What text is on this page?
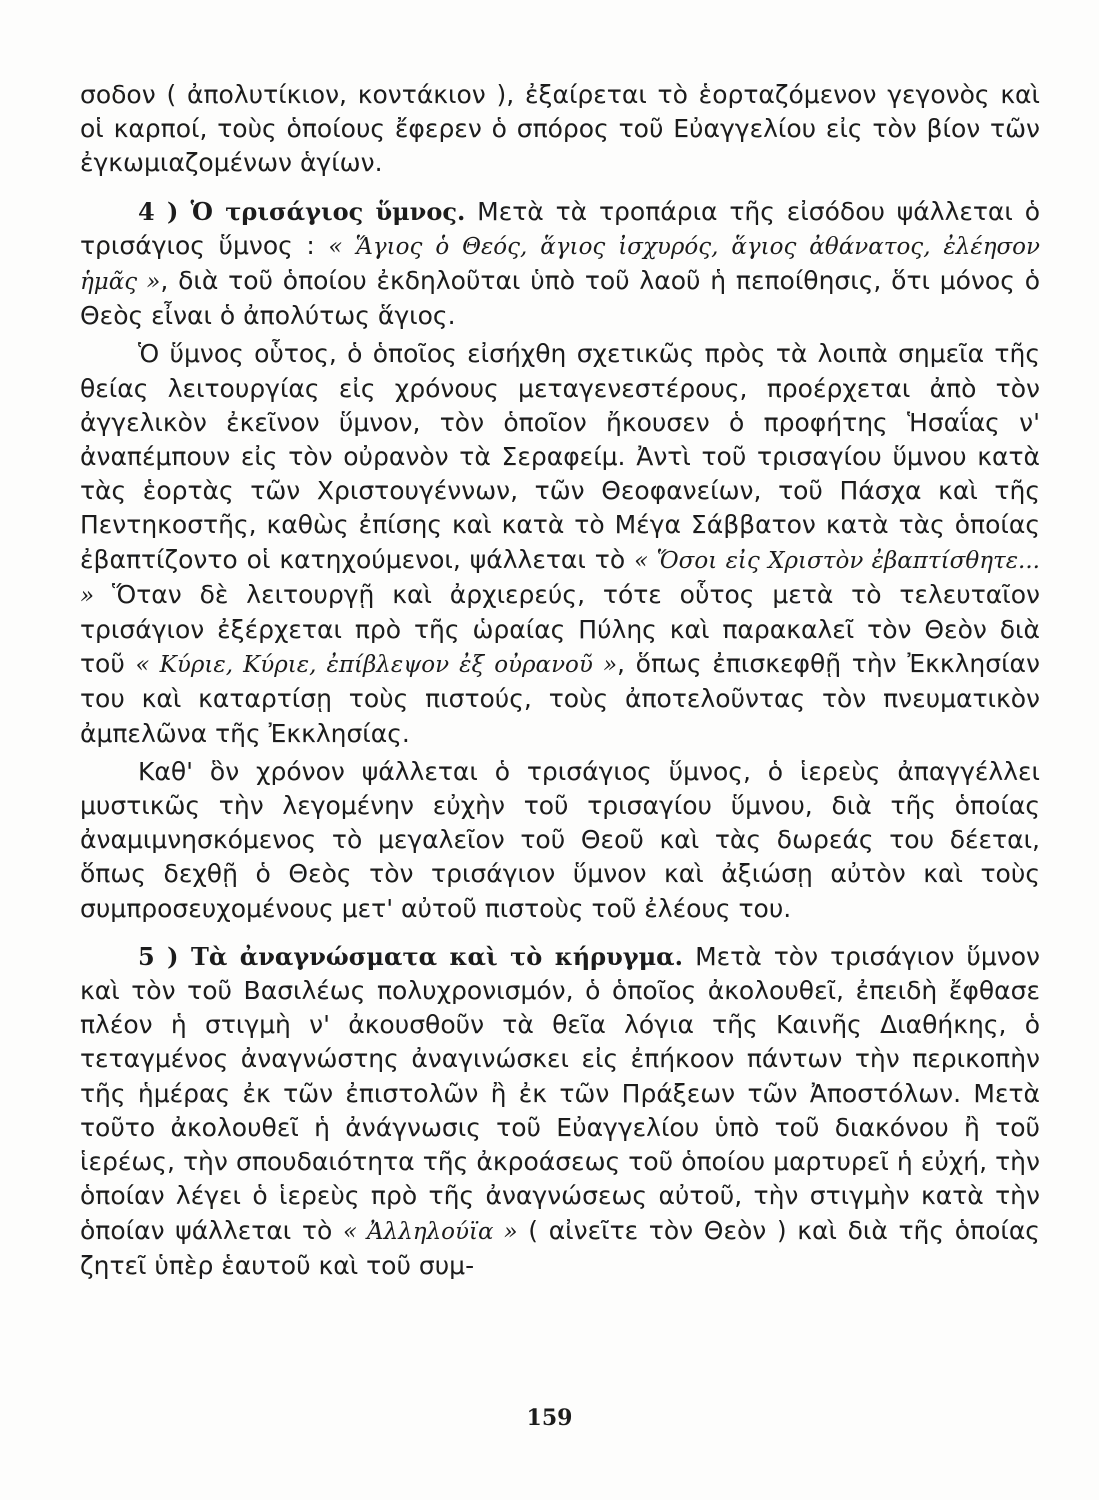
σοδον ( ἀπολυτίκιον, κοντάκιον ), ἐξαίρεται τὸ ἑορταζόμενον γεγονὸς καὶ οἱ καρποί, τοὺς ὁποίους ἔφερεν ὁ σπόρος τοῦ Εὐαγγελίου εἰς τὸν βίον τῶν ἐγκωμιαζομένων ἁγίων.

4 ) Ὁ τρισάγιος ὕμνος. Μετὰ τὰ τροπάρια τῆς εἰσόδου ψάλλεται ὁ τρισάγιος ὕμνος : « Ἅγιος ὁ Θεός, ἅγιος ἰσχυρός, ἅγιος ἀθάνατος, ἐλέησον ἡμᾶς », διὰ τοῦ ὁποίου ἐκδηλοῦται ὑπὸ τοῦ λαοῦ ἡ πεποίθησις, ὅτι μόνος ὁ Θεὸς εἶναι ὁ ἀπολύτως ἅγιος.

Ὁ ὕμνος οὗτος, ὁ ὁποῖος εἰσήχθη σχετικῶς πρὸς τὰ λοιπὰ σημεῖα τῆς θείας λειτουργίας εἰς χρόνους μεταγενεστέρους, προέρχεται ἀπὸ τὸν ἀγγελικὸν ἐκεῖνον ὕμνον, τὸν ὁποῖον ἤκουσεν ὁ προφήτης Ἡσαΐας ν' ἀναπέμπουν εἰς τὸν οὐρανὸν τὰ Σεραφείμ. Ἀντὶ τοῦ τρισαγίου ὕμνου κατὰ τὰς ἑορτὰς τῶν Χριστουγέννων, τῶν Θεοφανείων, τοῦ Πάσχα καὶ τῆς Πεντηκοστῆς, καθὼς ἐπίσης καὶ κατὰ τὸ Μέγα Σάββατον κατὰ τὰς ὁποίας ἐβαπτίζοντο οἱ κατηχούμενοι, ψάλλεται τὸ « Ὅσοι εἰς Χριστὸν ἐβαπτίσθητε... » Ὅταν δὲ λειτουργῇ καὶ ἀρχιερεύς, τότε οὗτος μετὰ τὸ τελευταῖον τρισάγιον ἐξέρχεται πρὸ τῆς ὡραίας Πύλης καὶ παρακαλεῖ τὸν Θεὸν διὰ τοῦ « Κύριε, Κύριε, ἐπίβλεψον ἐξ οὐρανοῦ », ὅπως ἐπισκεφθῇ τὴν Ἐκκλησίαν του καὶ καταρτίσῃ τοὺς πιστούς, τοὺς ἀποτελοῦντας τὸν πνευματικὸν ἀμπελῶνα τῆς Ἐκκλησίας.

Καθ' ὃν χρόνον ψάλλεται ὁ τρισάγιος ὕμνος, ὁ ἱερεὺς ἀπαγγέλλει μυστικῶς τὴν λεγομένην εὐχὴν τοῦ τρισαγίου ὕμνου, διὰ τῆς ὁποίας ἀναμιμνησκόμενος τὸ μεγαλεῖον τοῦ Θεοῦ καὶ τὰς δωρεάς του δέεται, ὅπως δεχθῇ ὁ Θεὸς τὸν τρισάγιον ὕμνον καὶ ἀξιώσῃ αὐτὸν καὶ τοὺς συμπροσευχομένους μετ' αὐτοῦ πιστοὺς τοῦ ἐλέους του.

5 ) Τὰ ἀναγνώσματα καὶ τὸ κήρυγμα. Μετὰ τὸν τρισάγιον ὕμνον καὶ τὸν τοῦ Βασιλέως πολυχρονισμόν, ὁ ὁποῖος ἀκολουθεῖ, ἐπειδὴ ἔφθασε πλέον ἡ στιγμὴ ν' ἀκουσθοῦν τὰ θεῖα λόγια τῆς Καινῆς Διαθήκης, ὁ τεταγμένος ἀναγνώστης ἀναγινώσκει εἰς ἐπήκοον πάντων τὴν περικοπὴν τῆς ἡμέρας ἐκ τῶν ἐπιστολῶν ἢ ἐκ τῶν Πράξεων τῶν Ἀποστόλων. Μετὰ τοῦτο ἀκολουθεῖ ἡ ἀνάγνωσις τοῦ Εὐαγγελίου ὑπὸ τοῦ διακόνου ἢ τοῦ ἱερέως, τὴν σπουδαιότητα τῆς ἀκροάσεως τοῦ ὁποίου μαρτυρεῖ ἡ εὐχή, τὴν ὁποίαν λέγει ὁ ἱερεὺς πρὸ τῆς ἀναγνώσεως αὐτοῦ, τὴν στιγμὴν κατὰ τὴν ὁποίαν ψάλλεται τὸ « Ἀλληλούϊα » ( αἰνεῖτε τὸν Θεὸν ) καὶ διὰ τῆς ὁποίας ζητεῖ ὑπὲρ ἑαυτοῦ καὶ τοῦ συμ-

159
